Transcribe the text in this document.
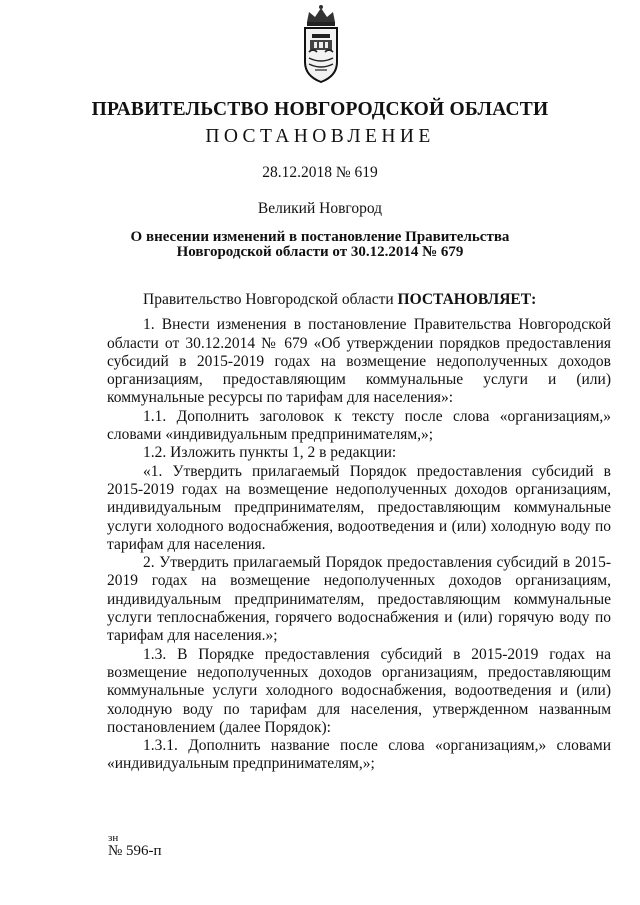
ПРАВИТЕЛЬСТВО НОВГОРОДСКОЙ ОБЛАСТИ
ПОСТАНОВЛЕНИЕ
28.12.2018 № 619
Великий Новгород
О внесении изменений в постановление Правительства
Новгородской области от 30.12.2014 № 679

Правительство Новгородской области ПОСТАНОВЛЯЕТ:

1. Внести изменения в постановление Правительства Новгородской области от 30.12.2014 № 679 «Об утверждении порядков предоставления субсидий в 2015-2019 годах на возмещение недополученных доходов организациям, предоставляющим коммунальные услуги и (или) коммунальные ресурсы по тарифам для населения»:

1.1. Дополнить заголовок к тексту после слова «организациям,» словами «индивидуальным предпринимателям,»;

1.2. Изложить пункты 1, 2 в редакции:

«1. Утвердить прилагаемый Порядок предоставления субсидий в 2015-2019 годах на возмещение недополученных доходов организациям, индивидуальным предпринимателям, предоставляющим коммунальные услуги холодного водоснабжения, водоотведения и (или) холодную воду по тарифам для населения.

2. Утвердить прилагаемый Порядок предоставления субсидий в 2015-2019 годах на возмещение недополученных доходов организациям, индивидуальным предпринимателям, предоставляющим коммунальные услуги теплоснабжения, горячего водоснабжения и (или) горячую воду по тарифам для населения.»;

1.3. В Порядке предоставления субсидий в 2015-2019 годах на возмещение недополученных доходов организациям, предоставляющим коммунальные услуги холодного водоснабжения, водоотведения и (или) холодную воду по тарифам для населения, утвержденном названным постановлением (далее Порядок):

1.3.1. Дополнить название после слова «организациям,» словами «индивидуальным предпринимателям,»;

зн
№ 596-п
